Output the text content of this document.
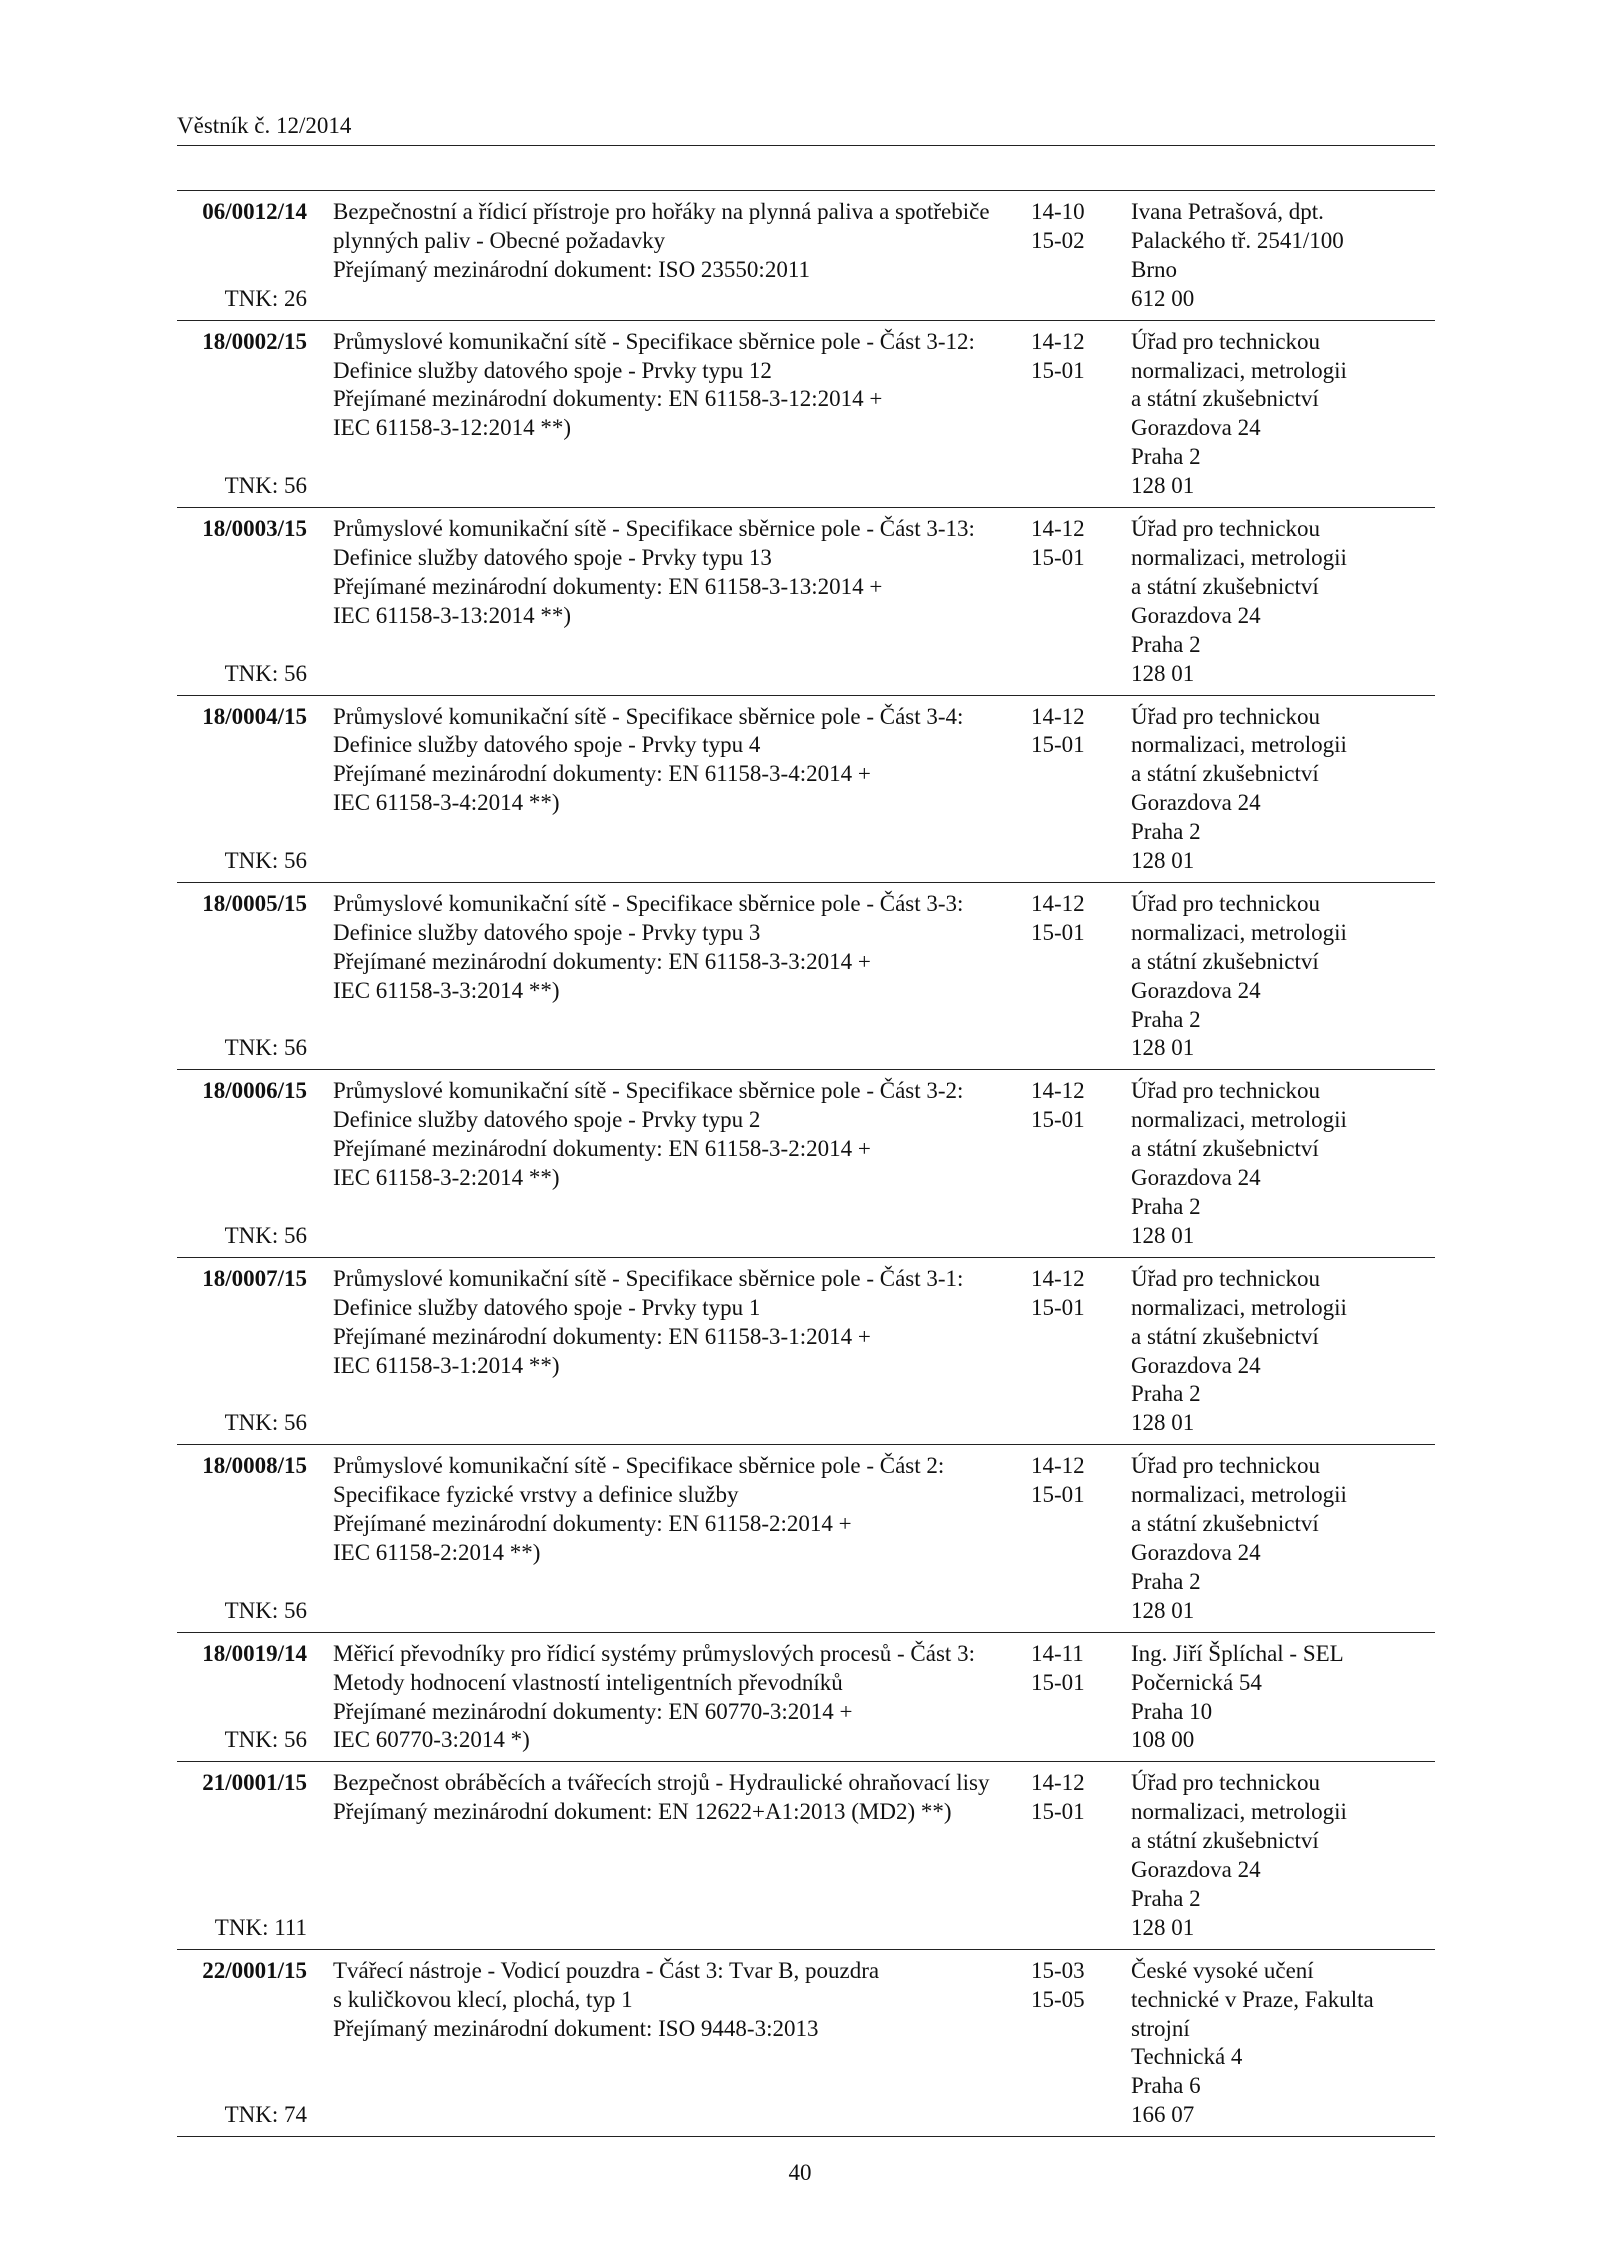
Věstník č. 12/2014
06/0012/14
TNK: 26
Bezpečnostní a řídicí přístroje pro hořáky na plynná paliva a spotřebiče
plynných paliv - Obecné požadavky
Přejímaný mezinárodní dokument: ISO 23550:2011
14-10
15-02
Ivana Petrašová, dpt.
Palackého tř. 2541/100
Brno
612 00
18/0002/15
TNK: 56
Průmyslové komunikační sítě - Specifikace sběrnice pole - Část 3-12:
Definice služby datového spoje - Prvky typu 12
Přejímané mezinárodní dokumenty: EN 61158-3-12:2014 +
IEC 61158-3-12:2014 **)
14-12
15-01
Úřad pro technickou
normalizaci, metrologii
a státní zkušebnictví
Gorazdova 24
Praha 2
128 01
18/0003/15
TNK: 56
Průmyslové komunikační sítě - Specifikace sběrnice pole - Část 3-13:
Definice služby datového spoje - Prvky typu 13
Přejímané mezinárodní dokumenty: EN 61158-3-13:2014 +
IEC 61158-3-13:2014 **)
14-12
15-01
Úřad pro technickou
normalizaci, metrologii
a státní zkušebnictví
Gorazdova 24
Praha 2
128 01
18/0004/15
TNK: 56
Průmyslové komunikační sítě - Specifikace sběrnice pole - Část 3-4:
Definice služby datového spoje - Prvky typu 4
Přejímané mezinárodní dokumenty: EN 61158-3-4:2014 +
IEC 61158-3-4:2014 **)
14-12
15-01
Úřad pro technickou
normalizaci, metrologii
a státní zkušebnictví
Gorazdova 24
Praha 2
128 01
18/0005/15
TNK: 56
Průmyslové komunikační sítě - Specifikace sběrnice pole - Část 3-3:
Definice služby datového spoje - Prvky typu 3
Přejímané mezinárodní dokumenty: EN 61158-3-3:2014 +
IEC 61158-3-3:2014 **)
14-12
15-01
Úřad pro technickou
normalizaci, metrologii
a státní zkušebnictví
Gorazdova 24
Praha 2
128 01
18/0006/15
TNK: 56
Průmyslové komunikační sítě - Specifikace sběrnice pole - Část 3-2:
Definice služby datového spoje - Prvky typu 2
Přejímané mezinárodní dokumenty: EN 61158-3-2:2014 +
IEC 61158-3-2:2014 **)
14-12
15-01
Úřad pro technickou
normalizaci, metrologii
a státní zkušebnictví
Gorazdova 24
Praha 2
128 01
18/0007/15
TNK: 56
Průmyslové komunikační sítě - Specifikace sběrnice pole - Část 3-1:
Definice služby datového spoje - Prvky typu 1
Přejímané mezinárodní dokumenty: EN 61158-3-1:2014 +
IEC 61158-3-1:2014 **)
14-12
15-01
Úřad pro technickou
normalizaci, metrologii
a státní zkušebnictví
Gorazdova 24
Praha 2
128 01
18/0008/15
TNK: 56
Průmyslové komunikační sítě - Specifikace sběrnice pole - Část 2:
Specifikace fyzické vrstvy a definice služby
Přejímané mezinárodní dokumenty: EN 61158-2:2014 +
IEC 61158-2:2014 **)
14-12
15-01
Úřad pro technickou
normalizaci, metrologii
a státní zkušebnictví
Gorazdova 24
Praha 2
128 01
18/0019/14
TNK: 56
Měřicí převodníky pro řídicí systémy průmyslových procesů - Část 3:
Metody hodnocení vlastností inteligentních převodníků
Přejímané mezinárodní dokumenty: EN 60770-3:2014 +
IEC 60770-3:2014 *)
14-11
15-01
Ing. Jiří Šplíchal - SEL
Počernická 54
Praha 10
108 00
21/0001/15
TNK: 111
Bezpečnost obráběcích a tvářecích strojů - Hydraulické ohraňovací lisy
Přejímaný mezinárodní dokument: EN 12622+A1:2013 (MD2) **)
14-12
15-01
Úřad pro technickou
normalizaci, metrologii
a státní zkušebnictví
Gorazdova 24
Praha 2
128 01
22/0001/15
TNK: 74
Tvářecí nástroje - Vodicí pouzdra - Část 3: Tvar B, pouzdra
s kuličkovou klecí, plochá, typ 1
Přejímaný mezinárodní dokument: ISO 9448-3:2013
15-03
15-05
České vysoké učení
technické v Praze, Fakulta
strojní
Technická 4
Praha 6
166 07
40
